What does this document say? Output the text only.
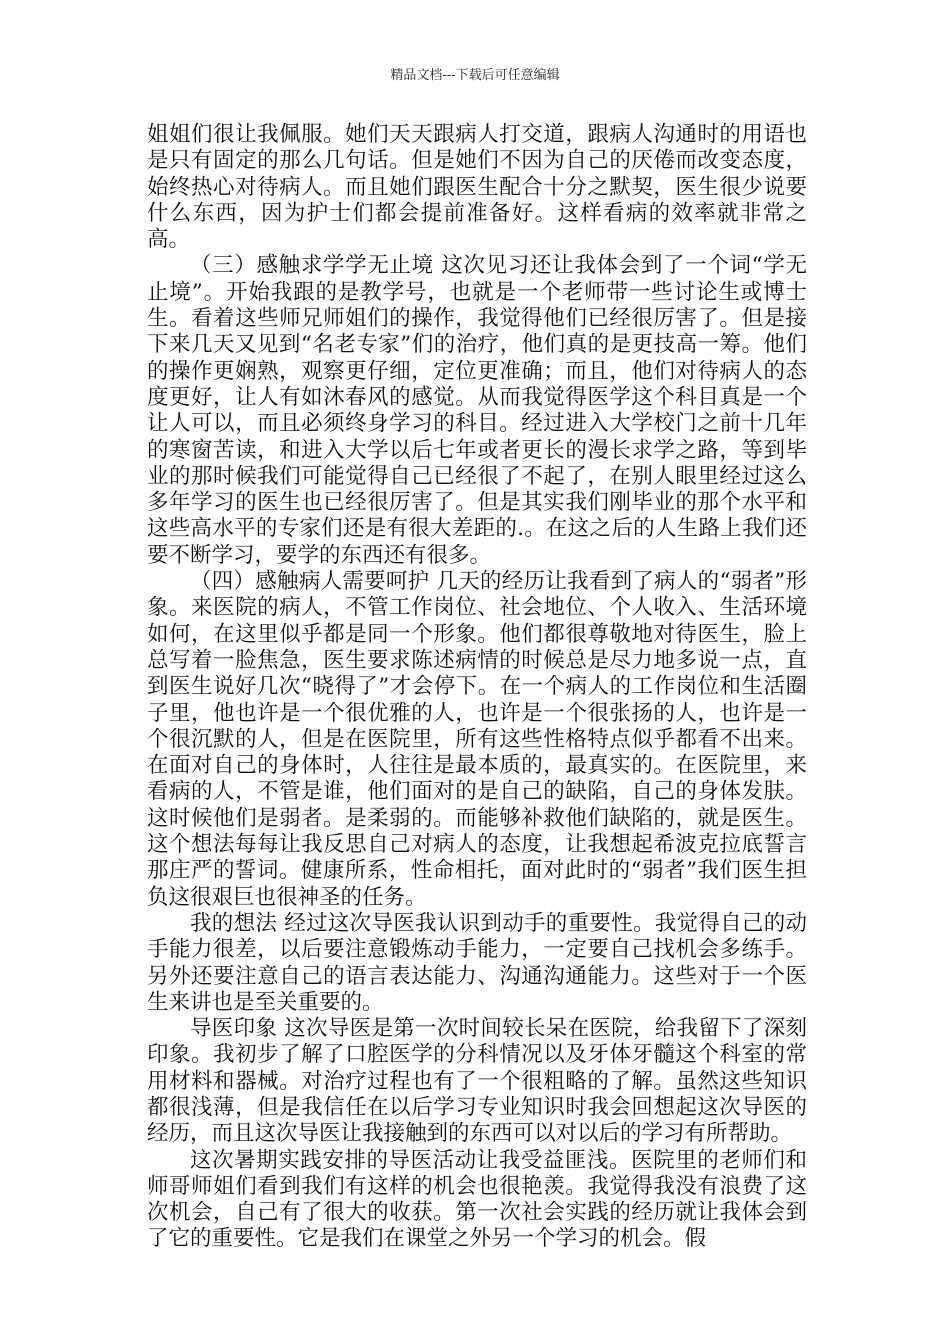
精品文档---下载后可任意编辑

姐姐们很让我佩服。她们天天跟病人打交道，跟病人沟通时的用语也是只有固定的那么几句话。但是她们不因为自己的厌倦而改变态度，始终热心对待病人。而且她们跟医生配合十分之默契，医生很少说要什么东西，因为护士们都会提前准备好。这样看病的效率就非常之高。

（三）感触求学学无止境 这次见习还让我体会到了一个词“学无止境”。开始我跟的是教学号，也就是一个老师带一些讨论生或博士生。看着这些师兄师姐们的操作，我觉得他们已经很厉害了。但是接下来几天又见到“名老专家”们的治疗，他们真的是更技高一筹。他们的操作更娴熟，观察更仔细，定位更准确；而且，他们对待病人的态度更好，让人有如沐春风的感觉。从而我觉得医学这个科目真是一个让人可以，而且必须终身学习的科目。经过进入大学校门之前十几年的寒窗苦读，和进入大学以后七年或者更长的漫长求学之路，等到毕业的那时候我们可能觉得自己已经很了不起了，在别人眼里经过这么多年学习的医生也已经很厉害了。但是其实我们刚毕业的那个水平和这些高水平的专家们还是有很大差距的.。在这之后的人生路上我们还要不断学习，要学的东西还有很多。

（四）感触病人需要呵护 几天的经历让我看到了病人的“弱者”形象。来医院的病人，不管工作岗位、社会地位、个人收入、生活环境如何，在这里似乎都是同一个形象。他们都很尊敬地对待医生，脸上总写着一脸焦急，医生要求陈述病情的时候总是尽力地多说一点，直到医生说好几次“晓得了”才会停下。在一个病人的工作岗位和生活圈子里，他也许是一个很优雅的人，也许是一个很张扬的人，也许是一个很沉默的人，但是在医院里，所有这些性格特点似乎都看不出来。在面对自己的身体时，人往往是最本质的，最真实的。在医院里，来看病的人，不管是谁，他们面对的是自己的缺陷，自己的身体发肤。这时候他们是弱者。是柔弱的。而能够补救他们缺陷的，就是医生。这个想法每每让我反思自己对病人的态度，让我想起希波克拉底誓言那庄严的誓词。健康所系，性命相托，面对此时的“弱者”我们医生担负这很艰巨也很神圣的任务。

我的想法 经过这次导医我认识到动手的重要性。我觉得自己的动手能力很差，以后要注意锻炼动手能力，一定要自己找机会多练手。另外还要注意自己的语言表达能力、沟通沟通能力。这些对于一个医生来讲也是至关重要的。

导医印象 这次导医是第一次时间较长呆在医院，给我留下了深刻印象。我初步了解了口腔医学的分科情况以及牙体牙髓这个科室的常用材料和器械。对治疗过程也有了一个很粗略的了解。虽然这些知识都很浅薄，但是我信任在以后学习专业知识时我会回想起这次导医的经历，而且这次导医让我接触到的东西可以对以后的学习有所帮助。

这次暑期实践安排的导医活动让我受益匪浅。医院里的老师们和师哥师姐们看到我们有这样的机会也很艳羡。我觉得我没有浪费了这次机会，自己有了很大的收获。第一次社会实践的经历就让我体会到了它的重要性。它是我们在课堂之外另一个学习的机会。假
